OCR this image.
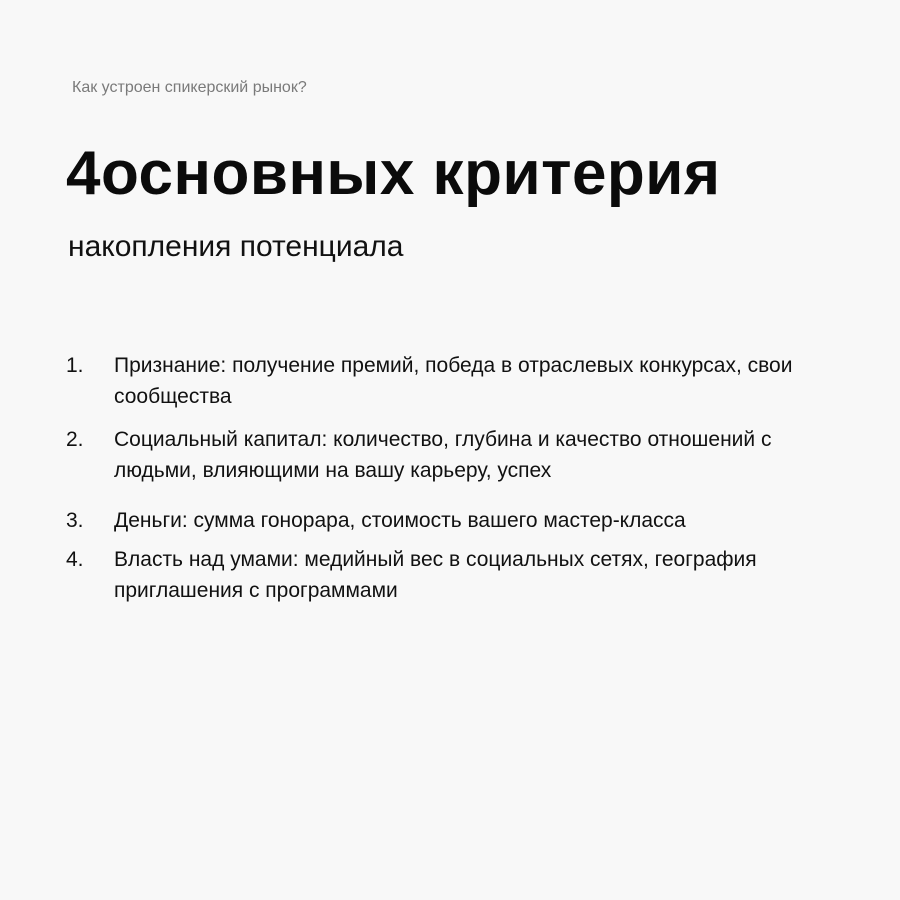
Как устроен спикерский рынок?
4основных критерия
накопления потенциала
1.	Признание: получение премий, победа в отраслевых конкурсах, свои сообщества
2.	Социальный капитал: количество, глубина и качество отношений с людьми, влияющими на вашу карьеру, успех
3.	Деньги: сумма гонорара, стоимость вашего мастер-класса
4.	Власть над умами: медийный вес в социальных сетях, география приглашения с программами
